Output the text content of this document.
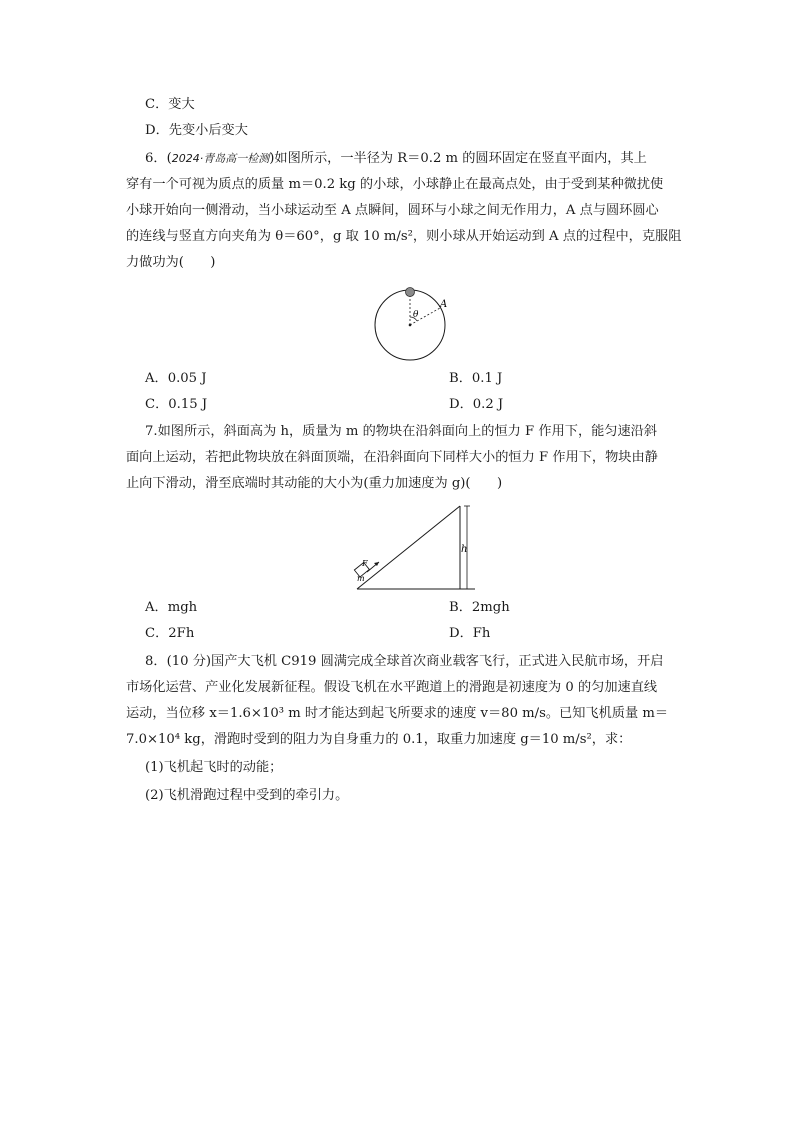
C．变大
D．先变小后变大
6．(2024·青岛高一检测)如图所示，一半径为 R＝0.2 m 的圆环固定在竖直平面内，其上
穿有一个可视为质点的质量 m＝0.2 kg 的小球，小球静止在最高点处，由于受到某种微扰使
小球开始向一侧滑动，当小球运动至 A 点瞬间，圆环与小球之间无作用力，A 点与圆环圆心
的连线与竖直方向夹角为 θ＝60°，g 取 10 m/s²，则小球从开始运动到 A 点的过程中，克服阻
力做功为(　　)
θ
A
A．0.05 J	B．0.1 J
C．0.15 J	D．0.2 J
7.如图所示，斜面高为 h，质量为 m 的物块在沿斜面向上的恒力 F 作用下，能匀速沿斜
面向上运动，若把此物块放在斜面顶端，在沿斜面向下同样大小的恒力 F 作用下，物块由静
止向下滑动，滑至底端时其动能的大小为(重力加速度为 g)(　　)
h
m
F
A．mgh	B．2mgh
C．2Fh	D．Fh
8．(10 分)国产大飞机 C919 圆满完成全球首次商业载客飞行，正式进入民航市场，开启
市场化运营、产业化发展新征程。假设飞机在水平跑道上的滑跑是初速度为 0 的匀加速直线
运动，当位移 x＝1.6×10³ m 时才能达到起飞所要求的速度 v＝80 m/s。已知飞机质量 m＝
7.0×10⁴ kg，滑跑时受到的阻力为自身重力的 0.1，取重力加速度 g＝10 m/s²，求：
(1)飞机起飞时的动能；
(2)飞机滑跑过程中受到的牵引力。
